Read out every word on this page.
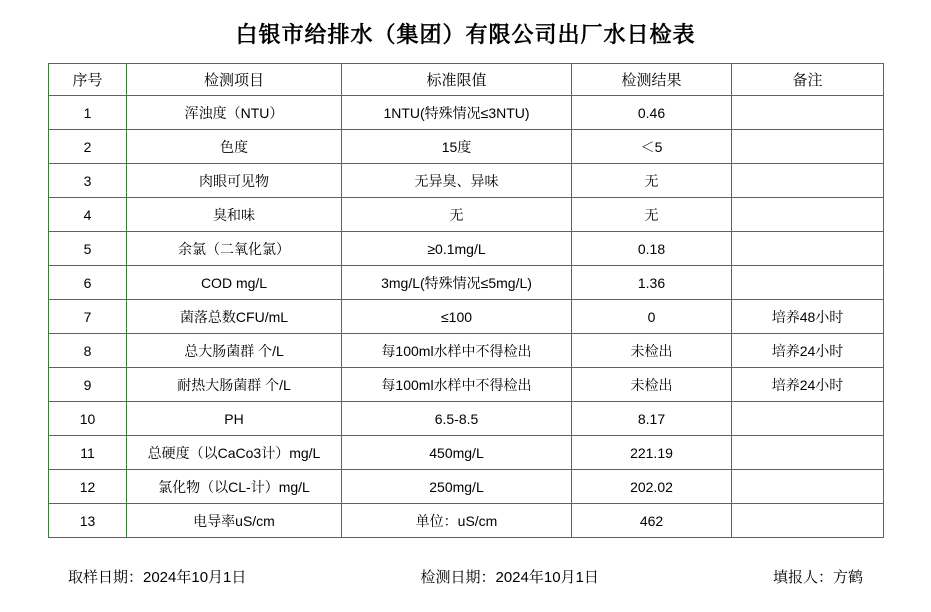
白银市给排水（集团）有限公司出厂水日检表
序号	检测项目	标准限值	检测结果	备注
1	浑浊度（NTU）	1NTU(特殊情况≤3NTU)	0.46	
2	色度	15度	＜5	
3	肉眼可见物	无异臭、异味	无	
4	臭和味	无	无	
5	余氯（二氧化氯）	≥0.1mg/L	0.18	
6	COD mg/L	3mg/L(特殊情况≤5mg/L)	1.36	
7	菌落总数CFU/mL	≤100	0	培养48小时
8	总大肠菌群 个/L	每100ml水样中不得检出	未检出	培养24小时
9	耐热大肠菌群 个/L	每100ml水样中不得检出	未检出	培养24小时
10	PH	6.5-8.5	8.17	
11	总硬度（以CaCo3计）mg/L	450mg/L	221.19	
12	氯化物（以CL-计）mg/L	250mg/L	202.02	
13	电导率uS/cm	单位：uS/cm	462	
取样日期：2024年10月1日	检测日期：2024年10月1日	填报人：方鹤
